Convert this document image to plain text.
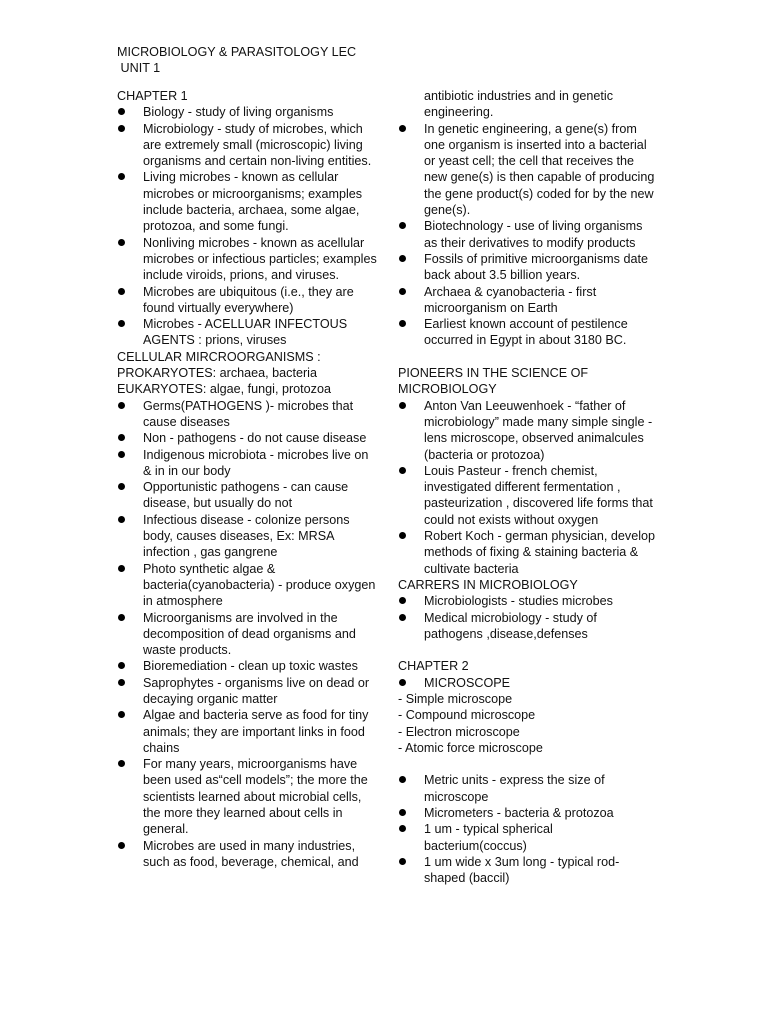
MICROBIOLOGY & PARASITOLOGY LEC
UNIT 1
CHAPTER 1
Biology - study of living organisms
Microbiology - study of microbes, which are extremely small (microscopic) living organisms and certain non-living entities.
Living microbes - known as cellular microbes or microorganisms; examples include bacteria, archaea, some algae, protozoa, and some fungi.
Nonliving microbes - known as acellular microbes or infectious particles; examples include viroids, prions, and viruses.
Microbes are ubiquitous (i.e., they are found virtually everywhere)
Microbes - ACELLUAR INFECTOUS AGENTS : prions, viruses
CELLULAR MIRCROORGANISMS :
PROKARYOTES: archaea, bacteria
EUKARYOTES: algae, fungi, protozoa
Germs(PATHOGENS )- microbes that cause diseases
Non - pathogens - do not cause disease
Indigenous microbiota - microbes live on & in in our body
Opportunistic pathogens - can cause disease, but usually do not
Infectious disease - colonize persons body, causes diseases, Ex: MRSA infection , gas gangrene
Photo synthetic algae & bacteria(cyanobacteria) - produce oxygen in atmosphere
Microorganisms are involved in the decomposition of dead organisms and waste products.
Bioremediation - clean up toxic wastes
Saprophytes - organisms live on dead or decaying organic matter
Algae and bacteria serve as food for tiny animals; they are important links in food chains
For many years, microorganisms have been used as“cell models”; the more the scientists learned about microbial cells, the more they learned about cells in general.
Microbes are used in many industries, such as food, beverage, chemical, and
antibiotic industries and in genetic engineering.
In genetic engineering, a gene(s) from one organism is inserted into a bacterial or yeast cell; the cell that receives the new gene(s) is then capable of producing the gene product(s) coded for by the new gene(s).
Biotechnology - use of living organisms as their derivatives to modify products
Fossils of primitive microorganisms date back about 3.5 billion years.
Archaea & cyanobacteria - first microorganism on Earth
Earliest known account of pestilence occurred in Egypt in about 3180 BC.
PIONEERS IN THE SCIENCE OF MICROBIOLOGY
Anton Van Leeuwenhoek - “father of microbiology” made many simple single -lens microscope, observed animalcules (bacteria or protozoa)
Louis Pasteur - french chemist, investigated different fermentation , pasteurization , discovered life forms that could not exists without oxygen
Robert Koch - german physician, develop methods of fixing & staining bacteria & cultivate bacteria
CARRERS IN MICROBIOLOGY
Microbiologists - studies microbes
Medical microbiology - study of pathogens ,disease,defenses
CHAPTER 2
MICROSCOPE
- Simple microscope
- Compound microscope
- Electron microscope
- Atomic force microscope
Metric units - express the size of microscope
Micrometers - bacteria & protozoa
1 um - typical spherical bacterium(coccus)
1 um wide x 3um long - typical rod-shaped (baccil)
